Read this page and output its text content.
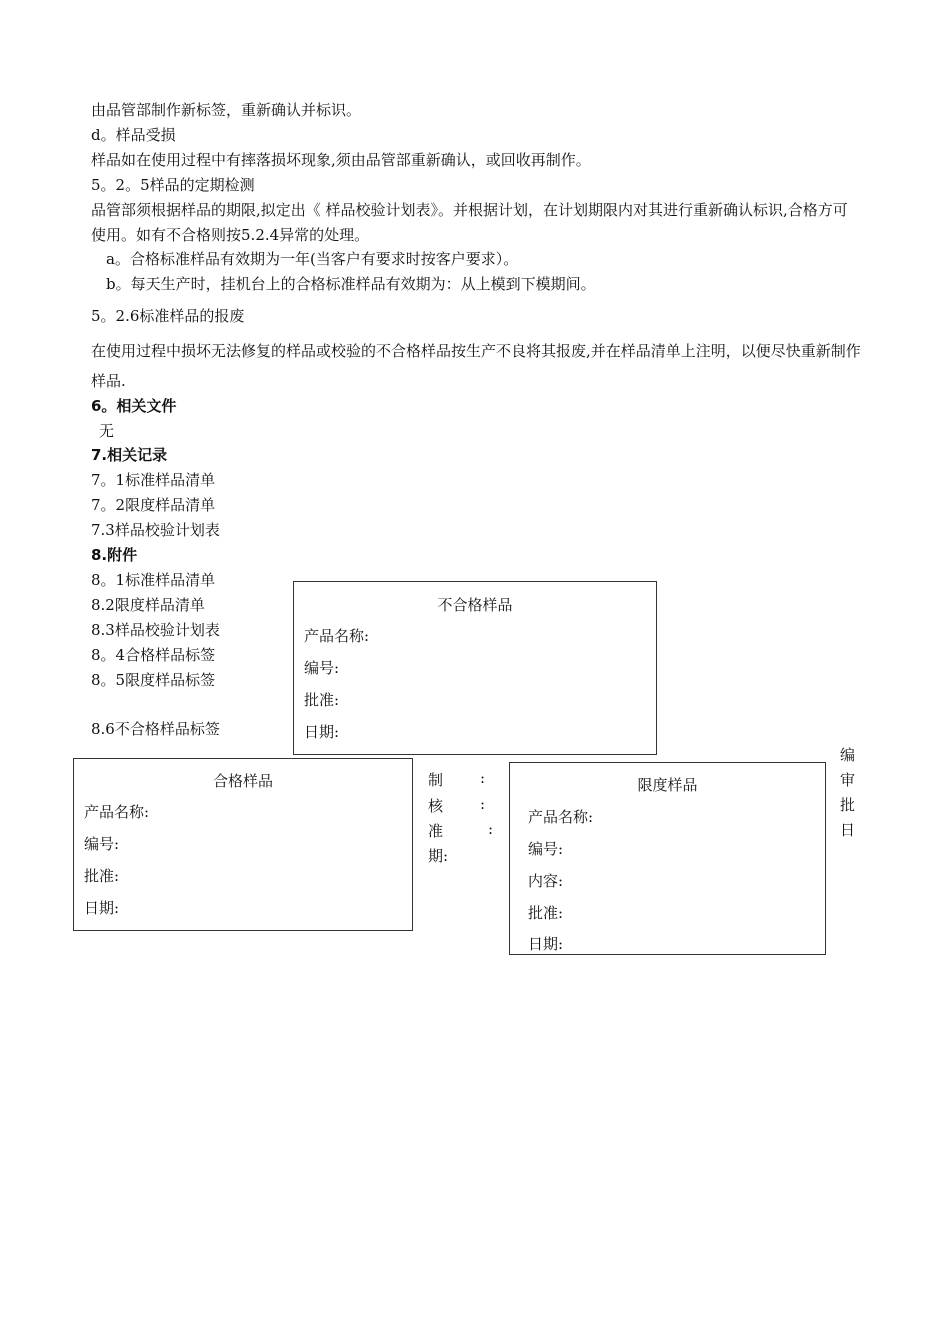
由品管部制作新标签，重新确认并标识。
d。样品受损
样品如在使用过程中有摔落损坏现象,须由品管部重新确认，或回收再制作。
5。2。5样品的定期检测
品管部须根据样品的期限,拟定出《 样品校验计划表》。并根据计划，在计划期限内对其进行重新确认标识,合格方可使用。如有不合格则按5.2.4异常的处理。
a。合格标准样品有效期为一年(当客户有要求时按客户要求）。
b。每天生产时，挂机台上的合格标准样品有效期为：从上模到下模期间。
5。2.6标准样品的报废
在使用过程中损坏无法修复的样品或校验的不合格样品按生产不良将其报废,并在样品清单上注明，以便尽快重新制作样品.
6。相关文件
无
7.相关记录
7。1标准样品清单
7。2限度样品清单
7.3样品校验计划表
8.附件
8。1标准样品清单
8.2限度样品清单
8.3样品校验计划表
8。4合格样品标签
8。5限度样品标签
8.6不合格样品标签
不合格样品
产品名称:
编号:
批准:
日期:
合格样品
产品名称:
编号:
批准:
日期:
制 :
核 :
准	:
期:
限度样品
产品名称:
编号:
内容:
批准:
日期:
编
审
批
日
